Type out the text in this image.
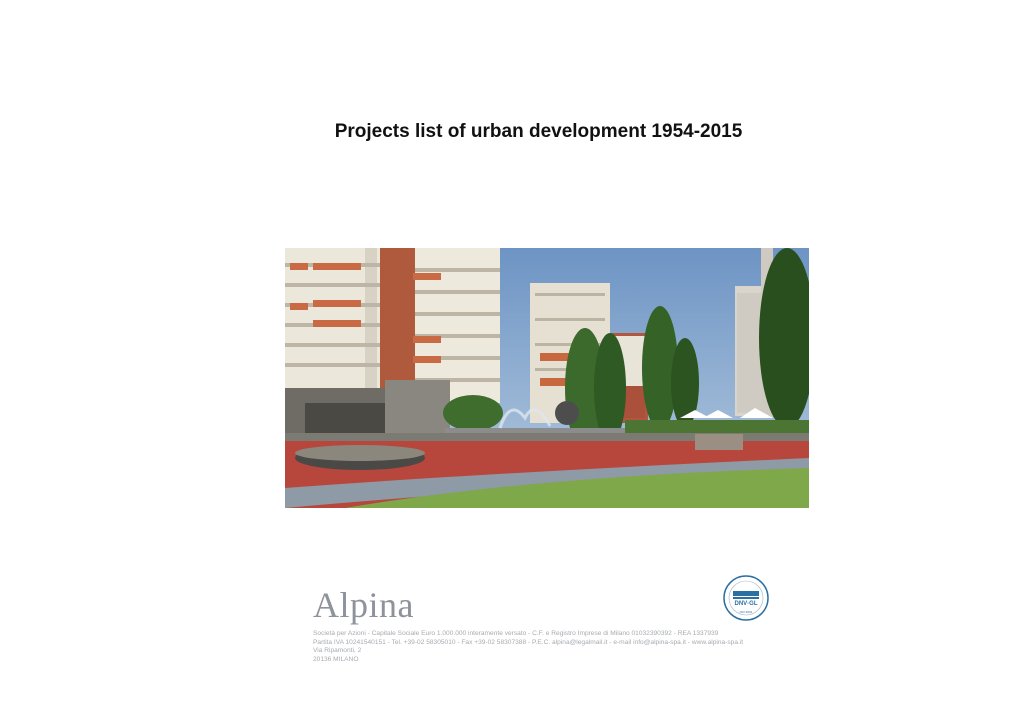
Projects list of urban development 1954-2015
Alpina	DNV·GL
ISO 9001
Società per Azioni - Capitale Sociale Euro 1.000.000 interamente versato - C.F. e Registro Imprese di Milano 01032390392 - REA 1337939
Partita IVA 10241540151 - Tel. +39-02 58305010 - Fax +39-02 58307388 - P.E.C. alpina@legalmail.it - e-mail info@alpina-spa.it - www.alpina-spa.it
Via Ripamonti, 2
20136 MILANO
